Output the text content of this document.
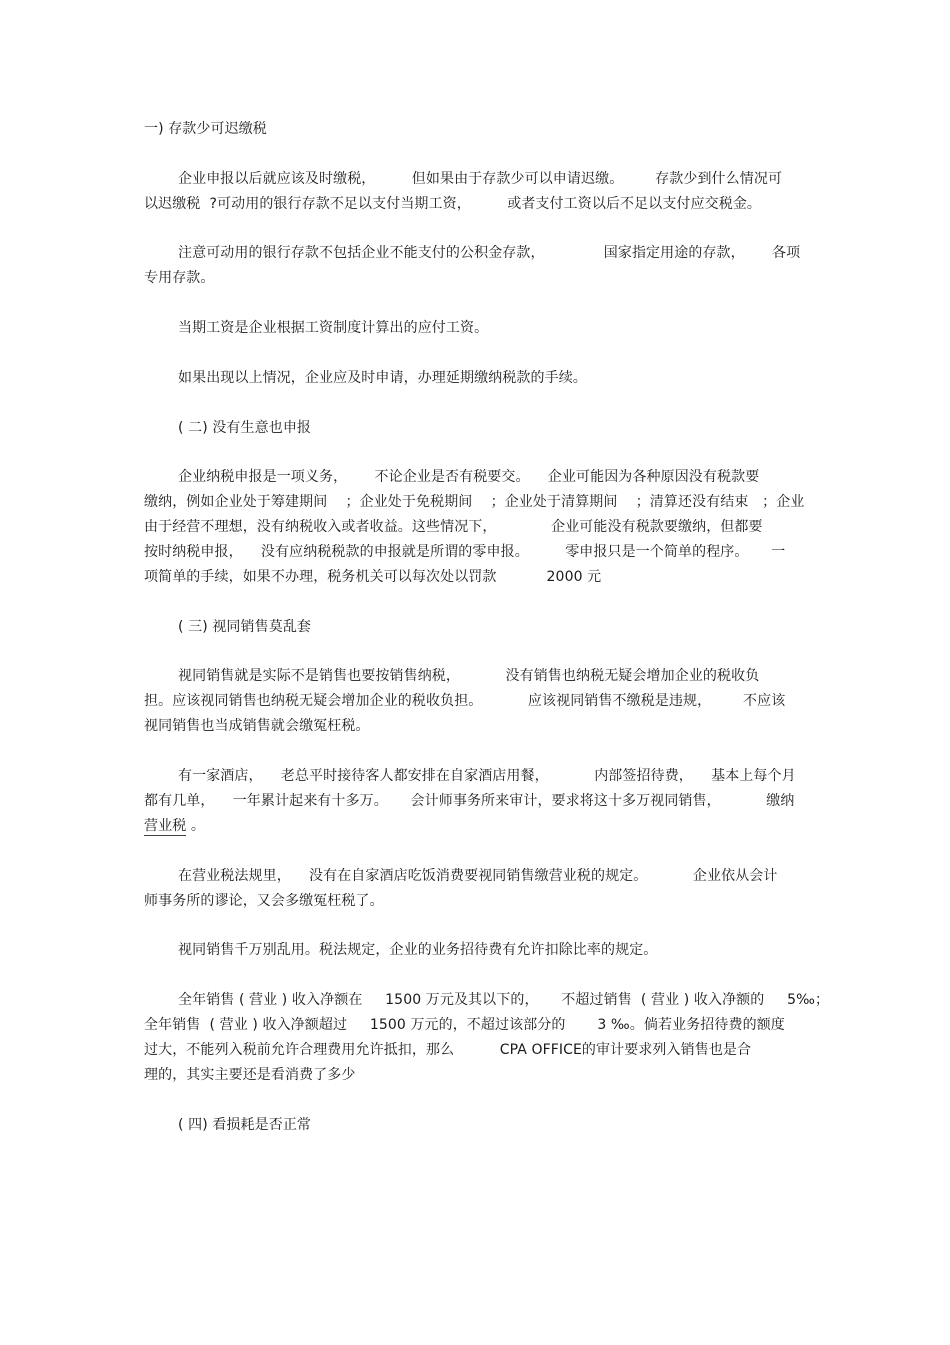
一) 存款少可迟缴税
企业申报以后就应该及时缴税，        但如果由于存款少可以申请迟缴。       存款少到什么情况可
以迟缴税  ?可动用的银行存款不足以支付当期工资，        或者支付工资以后不足以支付应交税金。
注意可动用的银行存款不包括企业不能支付的公积金存款，             国家指定用途的存款，      各项
专用存款。
当期工资是企业根据工资制度计算出的应付工资。
如果出现以上情况，企业应及时申请，办理延期缴纳税款的手续。
( 二) 没有生意也申报
企业纳税申报是一项义务，      不论企业是否有税要交。    企业可能因为各种原因没有税款要
缴纳，例如企业处于筹建期间    ；企业处于免税期间    ；企业处于清算期间    ；清算还没有结束   ；企业
由于经营不理想，没有纳税收入或者收益。这些情况下，            企业可能没有税款要缴纳，但都要
按时纳税申报，    没有应纳税税款的申报就是所谓的零申报。        零申报只是一个简单的程序。     一
项简单的手续，如果不办理，税务机关可以每次处以罚款           2000 元
( 三) 视同销售莫乱套
视同销售就是实际不是销售也要按销售纳税，          没有销售也纳税无疑会增加企业的税收负
担。应该视同销售也纳税无疑会增加企业的税收负担。          应该视同销售不缴税是违规，       不应该
视同销售也当成销售就会缴冤枉税。
有一家酒店，    老总平时接待客人都安排在自家酒店用餐，          内部签招待费，    基本上每个月
都有几单，    一年累计起来有十多万。     会计师事务所来审计，要求将这十多万视同销售，          缴纳
营业税 。
在营业税法规里，    没有在自家酒店吃饭消费要视同销售缴营业税的规定。          企业依从会计
师事务所的谬论，又会多缴冤枉税了。
视同销售千万别乱用。税法规定，企业的业务招待费有允许扣除比率的规定。
全年销售 ( 营业 ) 收入净额在     1500 万元及其以下的，     不超过销售  ( 营业 ) 收入净额的     5‰；
全年销售  ( 营业 ) 收入净额超过     1500 万元的，不超过该部分的       3 ‰。倘若业务招待费的额度
过大，不能列入税前允许合理费用允许抵扣，那么          CPA OFFICE的审计要求列入销售也是合
理的，其实主要还是看消费了多少
( 四) 看损耗是否正常
